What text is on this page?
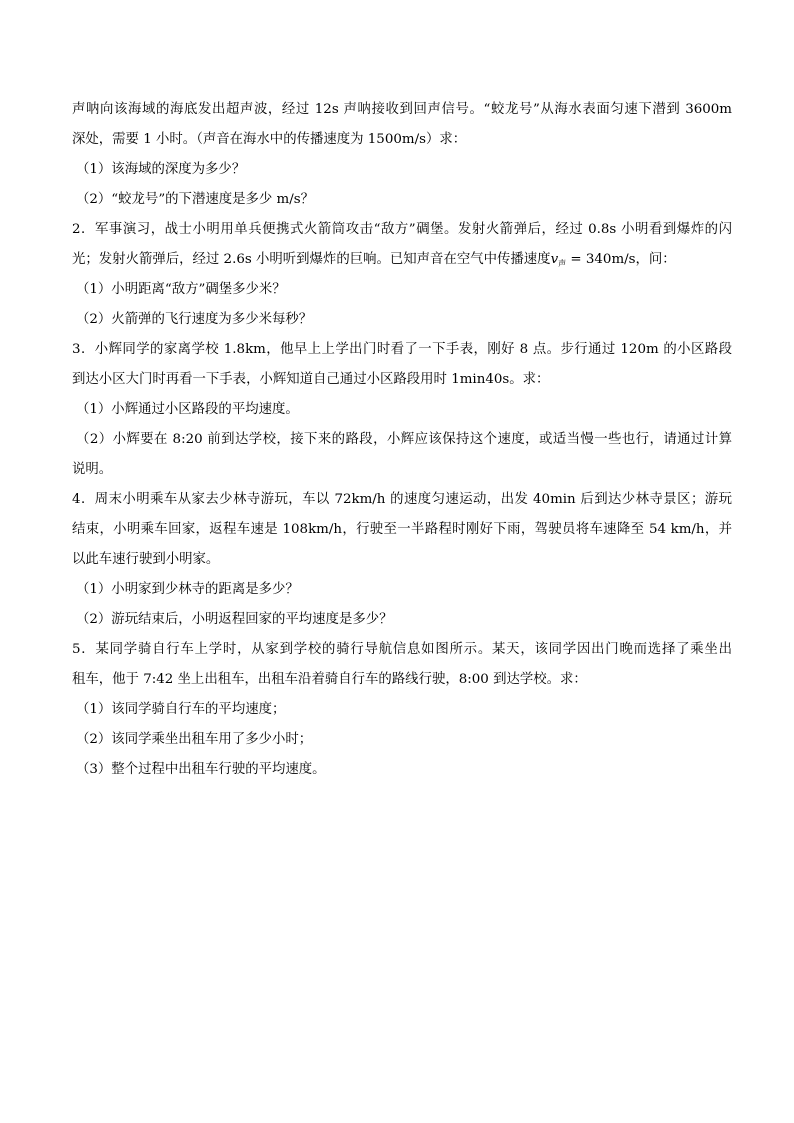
声呐向该海域的海底发出超声波，经过 12s 声呐接收到回声信号。“蛟龙号”从海水表面匀速下潜到 3600m
深处，需要 1 小时。（声音在海水中的传播速度为 1500m/s）求：
（1）该海域的深度为多少？
（2）“蛟龙号”的下潜速度是多少 m/s？
2．军事演习，战士小明用单兵便携式火箭筒攻击“敌方”碉堡。发射火箭弹后，经过 0.8s 小明看到爆炸的闪
光；发射火箭弹后，经过 2.6s 小明听到爆炸的巨响。已知声音在空气中传播速度$v_声 = 340m/s$，问：
（1）小明距离“敌方”碉堡多少米？
（2）火箭弹的飞行速度为多少米每秒？
3．小辉同学的家离学校 1.8km，他早上上学出门时看了一下手表，刚好 8 点。步行通过 120m 的小区路段
到达小区大门时再看一下手表，小辉知道自己通过小区路段用时 1min40s。求：
（1）小辉通过小区路段的平均速度。
（2）小辉要在 8:20 前到达学校，接下来的路段，小辉应该保持这个速度，或适当慢一些也行，请通过计算
说明。
4．周末小明乘车从家去少林寺游玩，车以 72km/h 的速度匀速运动，出发 40min 后到达少林寺景区；游玩
结束，小明乘车回家，返程车速是 108km/h，行驶至一半路程时刚好下雨，驾驶员将车速降至 54 km/h，并
以此车速行驶到小明家。
（1）小明家到少林寺的距离是多少？
（2）游玩结束后，小明返程回家的平均速度是多少？
5．某同学骑自行车上学时，从家到学校的骑行导航信息如图所示。某天，该同学因出门晚而选择了乘坐出
租车，他于 7:42 坐上出租车，出租车沿着骑自行车的路线行驶，8:00 到达学校。求：
（1）该同学骑自行车的平均速度；
（2）该同学乘坐出租车用了多少小时；
（3）整个过程中出租车行驶的平均速度。
